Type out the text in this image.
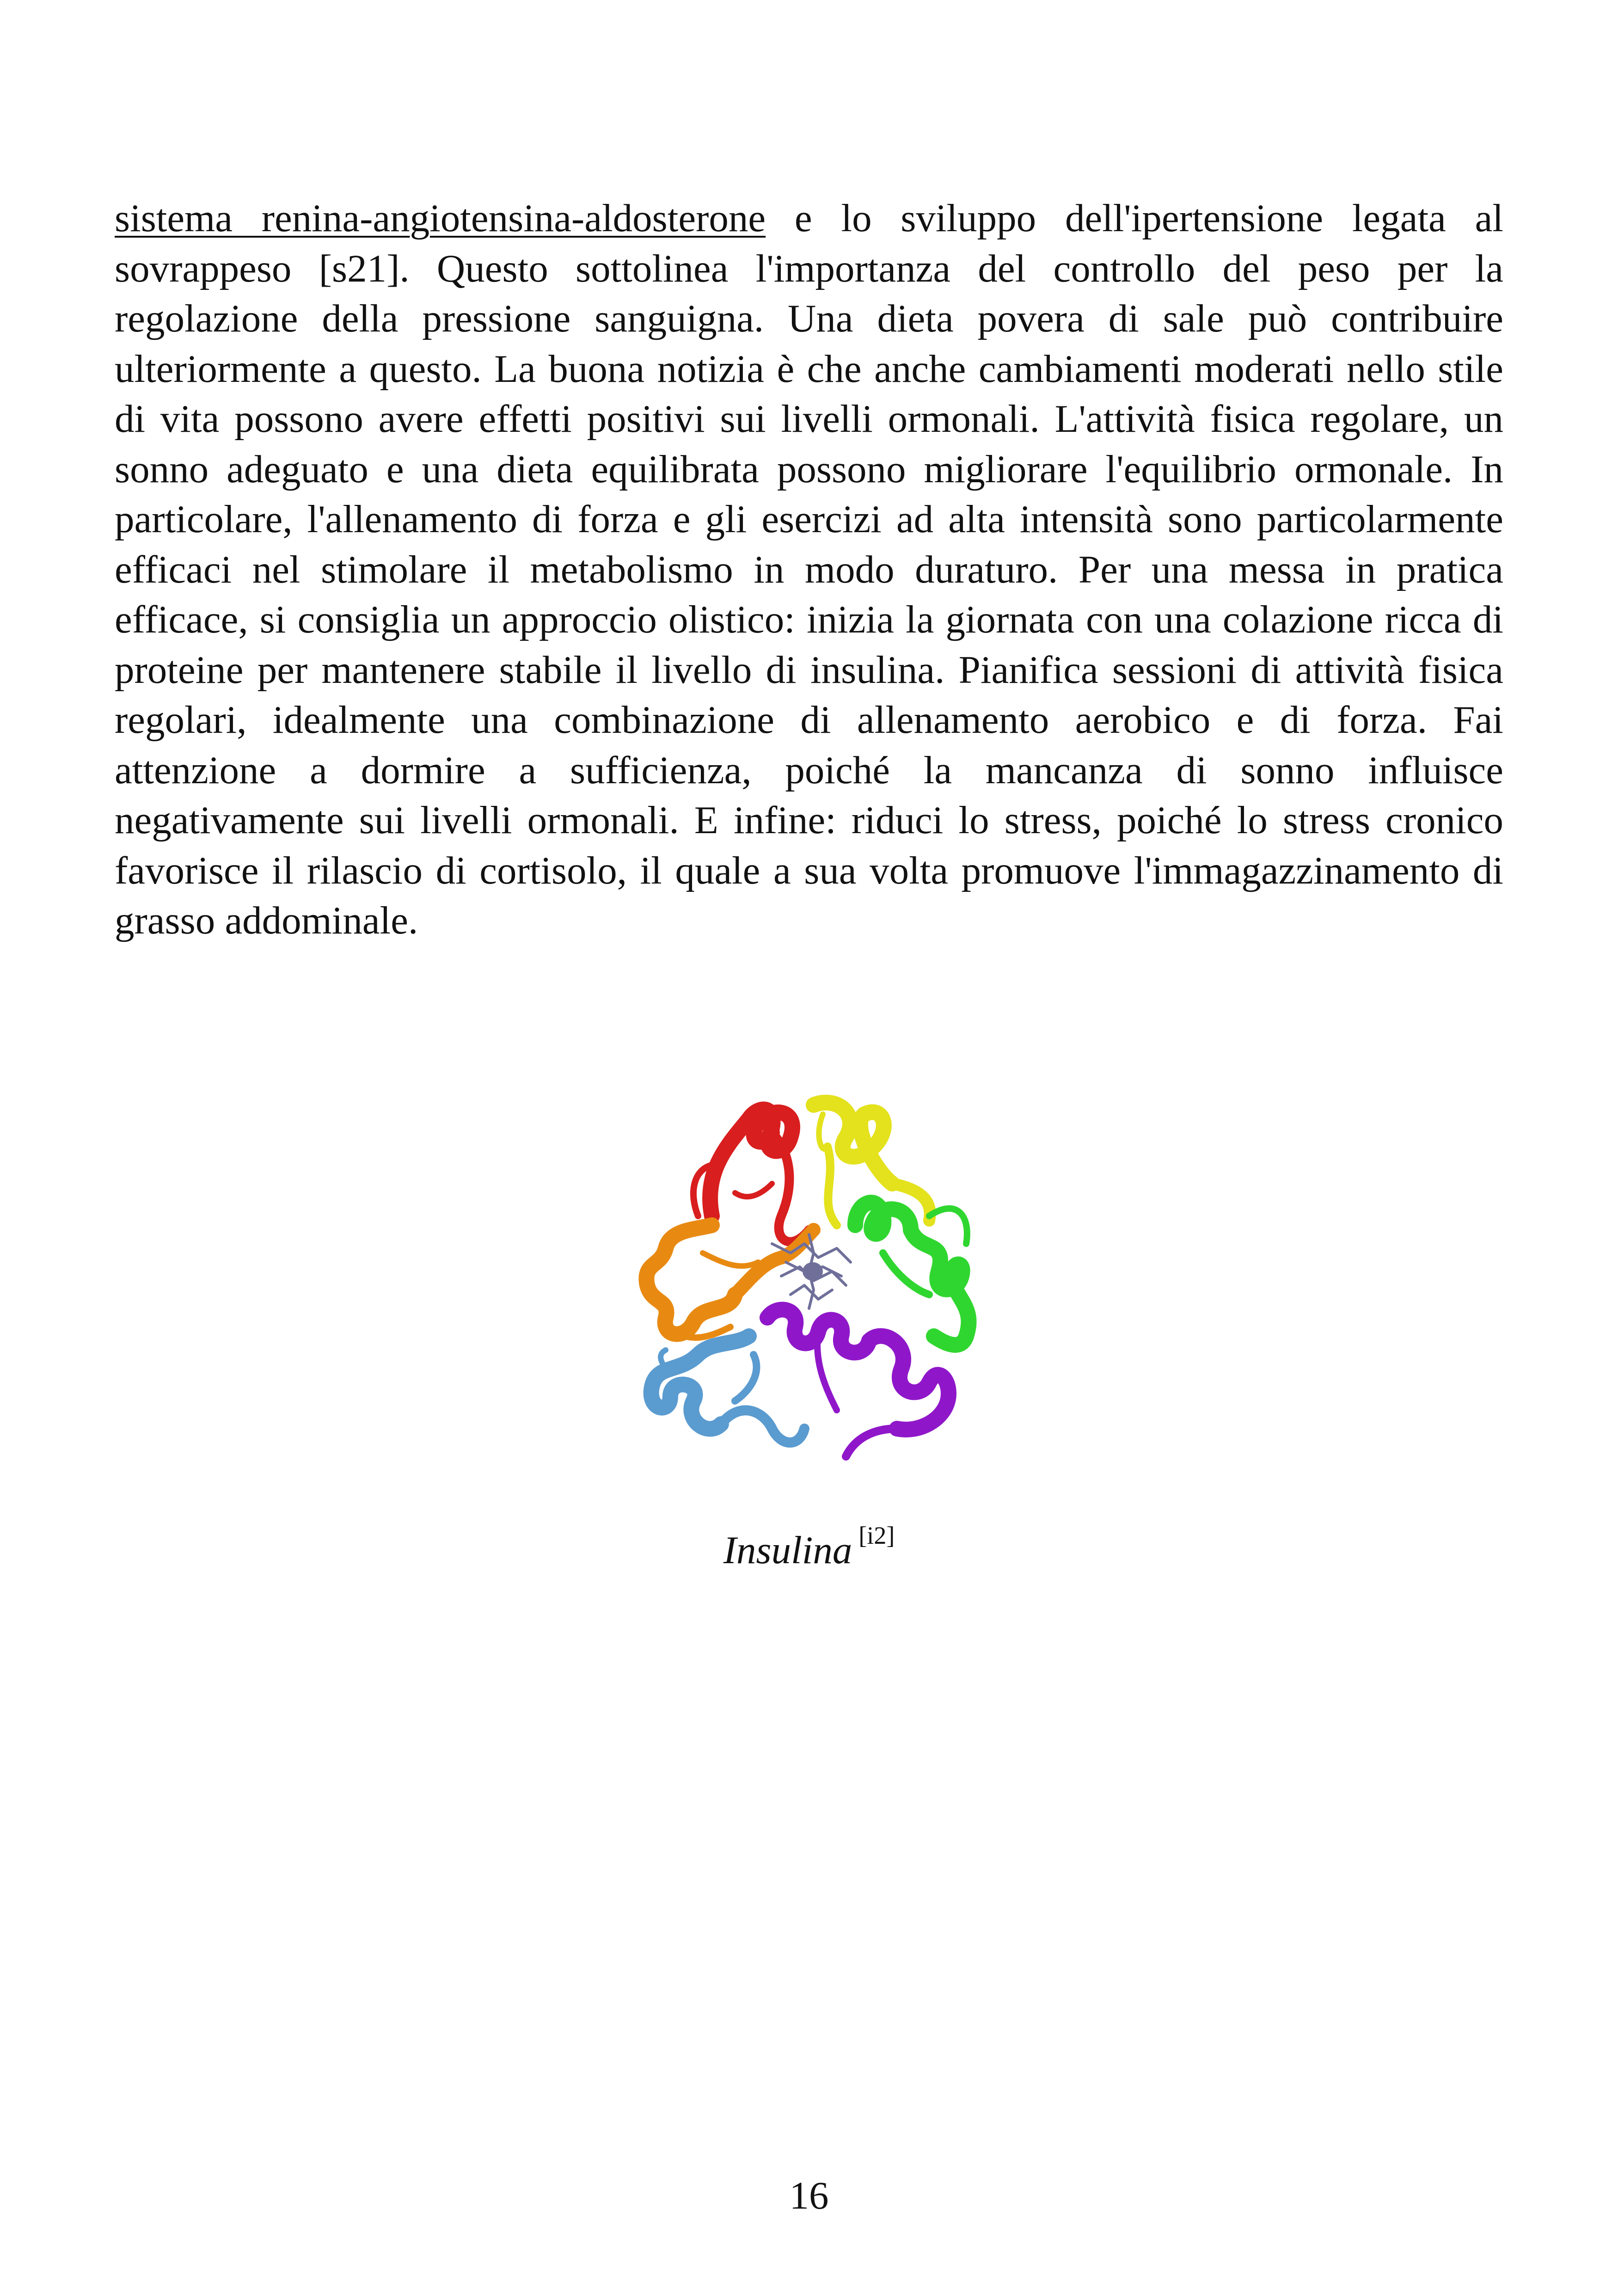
sistema renina-angiotensina-aldosterone e lo sviluppo dell'ipertensione legata al sovrappeso [s21]. Questo sottolinea l'importanza del controllo del peso per la regolazione della pressione sanguigna. Una dieta povera di sale può contribuire ulteriormente a questo. La buona notizia è che anche cambiamenti moderati nello stile di vita possono avere effetti positivi sui livelli ormonali. L'attività fisica regolare, un sonno adeguato e una dieta equilibrata possono migliorare l'equilibrio ormonale. In particolare, l'allenamento di forza e gli esercizi ad alta intensità sono particolarmente efficaci nel stimolare il metabolismo in modo duraturo. Per una messa in pratica efficace, si consiglia un approccio olistico: inizia la giornata con una colazione ricca di proteine per mantenere stabile il livello di insulina. Pianifica sessioni di attività fisica regolari, idealmente una combinazione di allenamento aerobico e di forza. Fai attenzione a dormire a sufficienza, poiché la mancanza di sonno influisce negativamente sui livelli ormonali. E infine: riduci lo stress, poiché lo stress cronico favorisce il rilascio di cortisolo, il quale a sua volta promuove l'immagazzinamento di grasso addominale.

Insulina [i2]
16
